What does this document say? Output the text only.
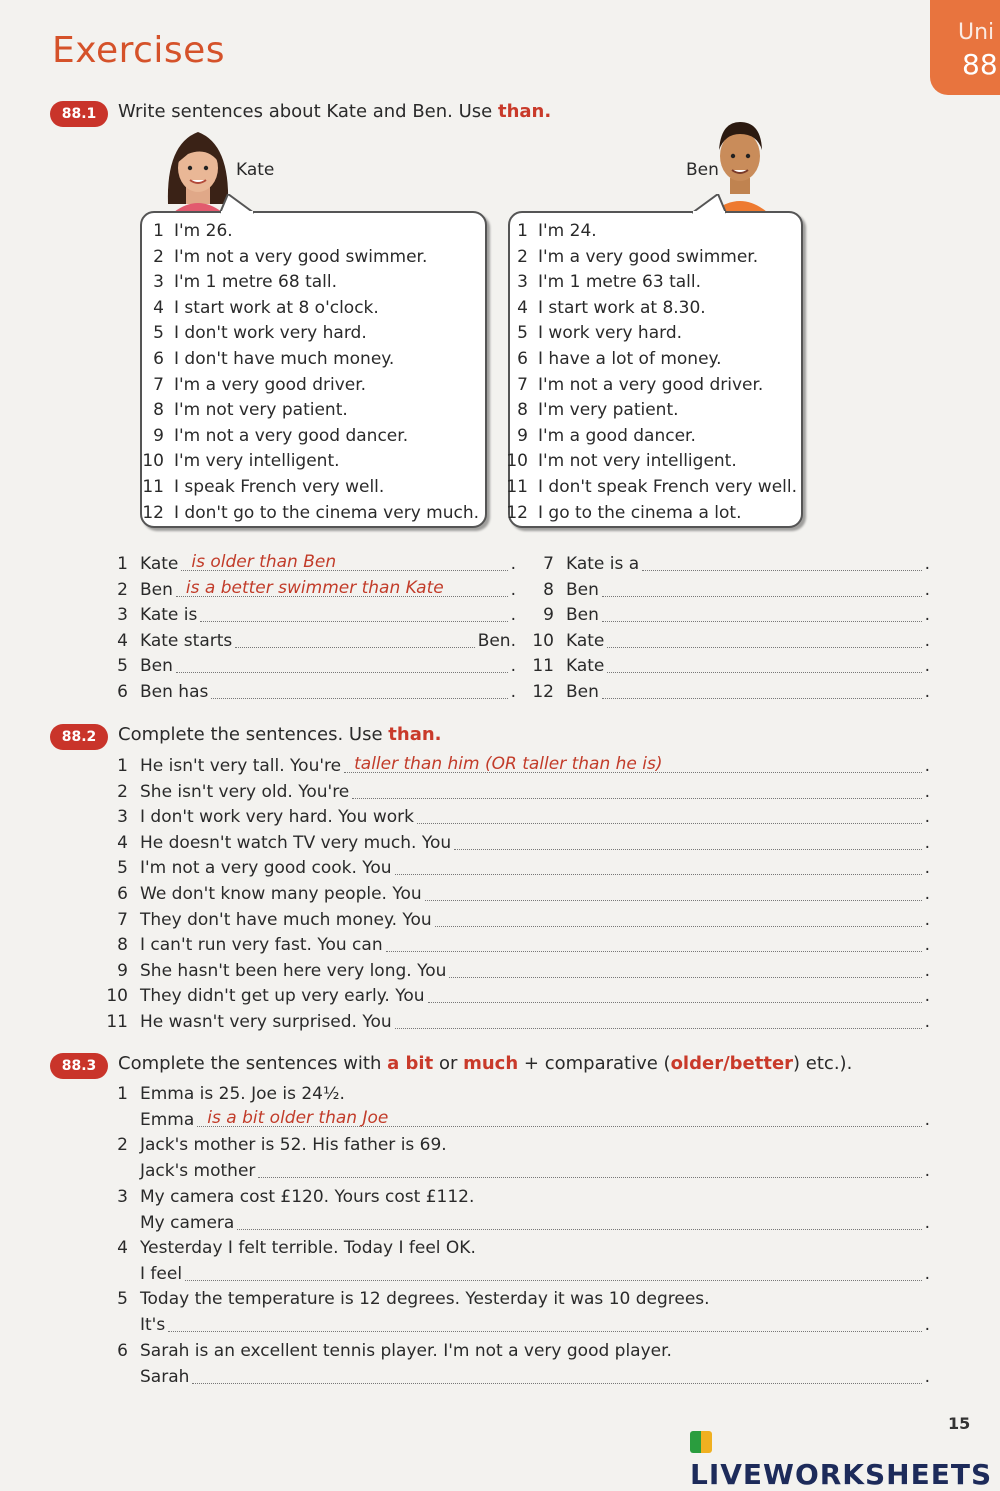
Exercises	Uni
88
88.1	Write sentences about Kate and Ben. Use than.
Kate	Ben
1 I'm 26.
2 I'm not a very good swimmer.
3 I'm 1 metre 68 tall.
4 I start work at 8 o'clock.
5 I don't work very hard.
6 I don't have much money.
7 I'm a very good driver.
8 I'm not very patient.
9 I'm not a very good dancer.
10 I'm very intelligent.
11 I speak French very well.
12 I don't go to the cinema very much.
1 I'm 24.
2 I'm a very good swimmer.
3 I'm 1 metre 63 tall.
4 I start work at 8.30.
5 I work very hard.
6 I have a lot of money.
7 I'm not a very good driver.
8 I'm very patient.
9 I'm a good dancer.
10 I'm not very intelligent.
11 I don't speak French very well.
12 I go to the cinema a lot.
1 Kate is older than Ben	.
2 Ben is a better swimmer than Kate	.
3 Kate is	.
4 Kate starts	Ben.
5 Ben	.
6 Ben has	.
7 Kate is a	.
8 Ben	.
9 Ben	.
10 Kate	.
11 Kate	.
12 Ben	.
88.2	Complete the sentences. Use than.
1 He isn't very tall. You're taller than him (OR taller than he is)	.
2 She isn't very old. You're	.
3 I don't work very hard. You work	.
4 He doesn't watch TV very much. You	.
5 I'm not a very good cook. You	.
6 We don't know many people. You	.
7 They don't have much money. You	.
8 I can't run very fast. You can	.
9 She hasn't been here very long. You	.
10 They didn't get up very early. You	.
11 He wasn't very surprised. You	.
88.3	Complete the sentences with a bit or much + comparative (older/better) etc.).
1 Emma is 25. Joe is 24½.
Emma is a bit older than Joe	.
2 Jack's mother is 52. His father is 69.
Jack's mother	.
3 My camera cost £120. Yours cost £112.
My camera	.
4 Yesterday I felt terrible. Today I feel OK.
I feel	.
5 Today the temperature is 12 degrees. Yesterday it was 10 degrees.
It's	.
6 Sarah is an excellent tennis player. I'm not a very good player.
Sarah	.
15
LIVEWORKSHEETS
